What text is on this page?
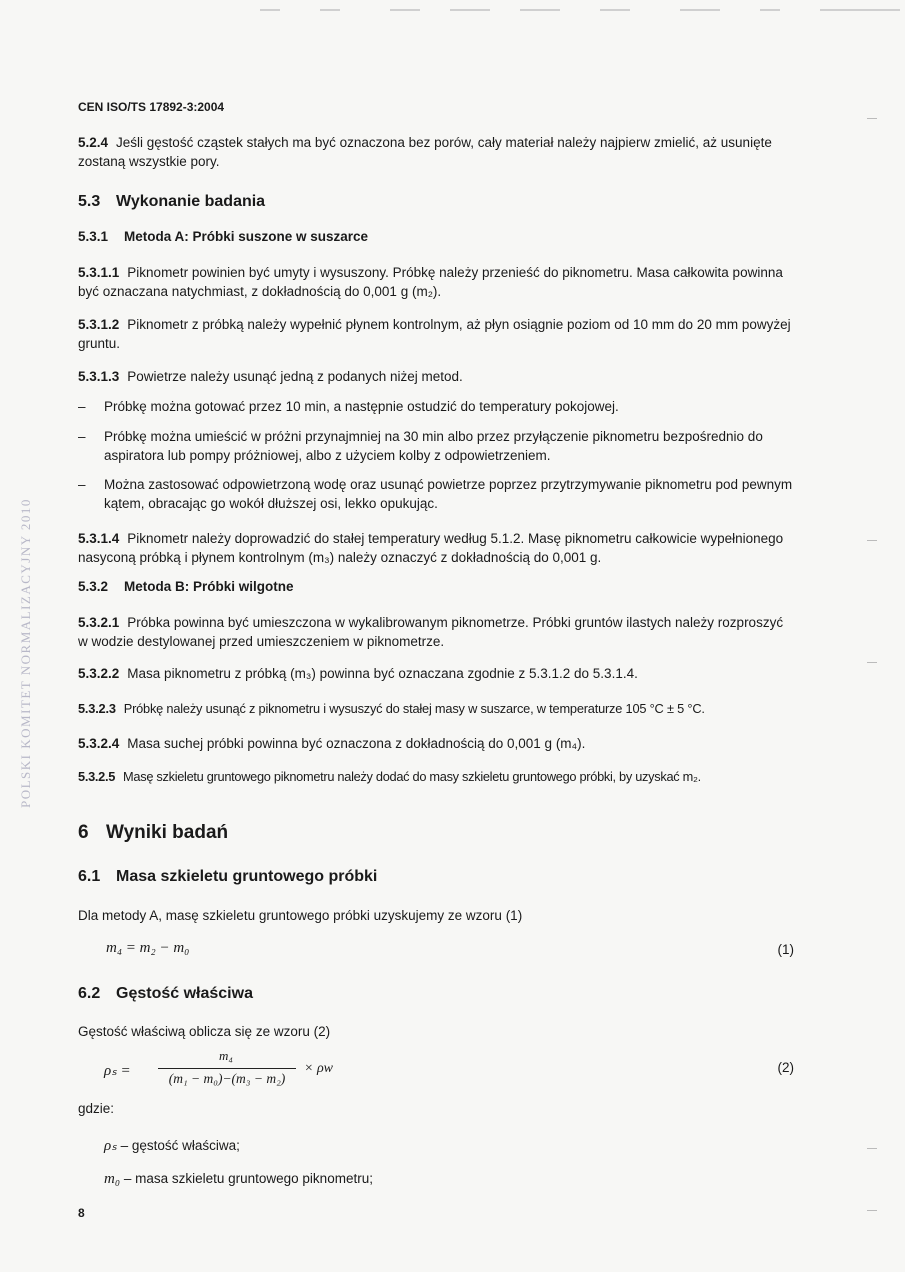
POLSKI KOMITET NORMALIZACYJNY 2010
CEN ISO/TS 17892-3:2004
5.2.4 Jeśli gęstość cząstek stałych ma być oznaczona bez porów, cały materiał należy najpierw zmielić, aż usunięte zostaną wszystkie pory.
5.3 Wykonanie badania
5.3.1 Metoda A: Próbki suszone w suszarce
5.3.1.1 Piknometr powinien być umyty i wysuszony. Próbkę należy przenieść do piknometru. Masa całkowita powinna być oznaczana natychmiast, z dokładnością do 0,001 g (m₂).
5.3.1.2 Piknometr z próbką należy wypełnić płynem kontrolnym, aż płyn osiągnie poziom od 10 mm do 20 mm powyżej gruntu.
5.3.1.3 Powietrze należy usunąć jedną z podanych niżej metod.
– Próbkę można gotować przez 10 min, a następnie ostudzić do temperatury pokojowej.
– Próbkę można umieścić w próżni przynajmniej na 30 min albo przez przyłączenie piknometru bezpośrednio do aspiratora lub pompy próżniowej, albo z użyciem kolby z odpowietrzeniem.
– Można zastosować odpowietrzoną wodę oraz usunąć powietrze poprzez przytrzymywanie piknometru pod pewnym kątem, obracając go wokół dłuższej osi, lekko opukując.
5.3.1.4 Piknometr należy doprowadzić do stałej temperatury według 5.1.2. Masę piknometru całkowicie wypełnionego nasyconą próbką i płynem kontrolnym (m₃) należy oznaczyć z dokładnością do 0,001 g.
5.3.2 Metoda B: Próbki wilgotne
5.3.2.1 Próbka powinna być umieszczona w wykalibrowanym piknometrze. Próbki gruntów ilastych należy rozproszyć w wodzie destylowanej przed umieszczeniem w piknometrze.
5.3.2.2 Masa piknometru z próbką (m₃) powinna być oznaczana zgodnie z 5.3.1.2 do 5.3.1.4.
5.3.2.3 Próbkę należy usunąć z piknometru i wysuszyć do stałej masy w suszarce, w temperaturze 105 °C ± 5 °C.
5.3.2.4 Masa suchej próbki powinna być oznaczona z dokładnością do 0,001 g (m₄).
5.3.2.5 Masę szkieletu gruntowego piknometru należy dodać do masy szkieletu gruntowego próbki, by uzyskać m₂.
6 Wyniki badań
6.1 Masa szkieletu gruntowego próbki
Dla metody A, masę szkieletu gruntowego próbki uzyskujemy ze wzoru (1)
m₄ = m₂ − m₀	(1)
6.2 Gęstość właściwa
Gęstość właściwą oblicza się ze wzoru (2)
ρₛ =
m₄
(m₁ − m₀)−(m₃ − m₂)
× ρw	(2)
gdzie:
ρₛ – gęstość właściwa;
m₀ – masa szkieletu gruntowego piknometru;
8
